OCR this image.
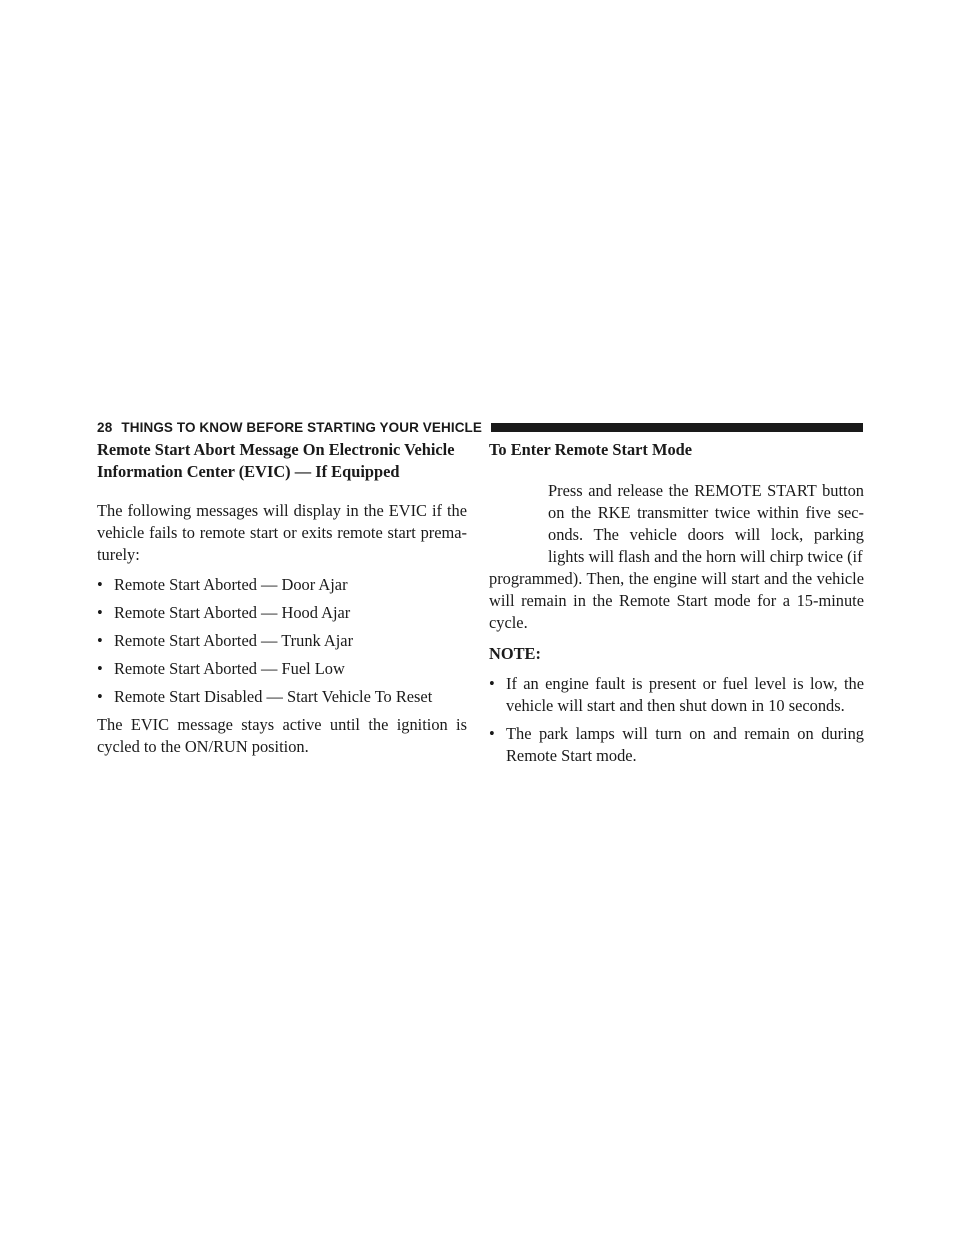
28 THINGS TO KNOW BEFORE STARTING YOUR VEHICLE
Remote Start Abort Message On Electronic Vehicle Information Center (EVIC) — If Equipped

The following messages will display in the EVIC if the vehicle fails to remote start or exits remote start prema-turely:

• Remote Start Aborted — Door Ajar
• Remote Start Aborted — Hood Ajar
• Remote Start Aborted — Trunk Ajar
• Remote Start Aborted — Fuel Low
• Remote Start Disabled — Start Vehicle To Reset

The EVIC message stays active until the ignition is cycled to the ON/RUN position.

To Enter Remote Start Mode

Press and release the REMOTE START button on the RKE transmitter twice within five sec-onds. The vehicle doors will lock, parking lights will flash and the horn will chirp twice (if

programmed). Then, the engine will start and the vehicle will remain in the Remote Start mode for a 15-minute cycle.

NOTE:

• If an engine fault is present or fuel level is low, the vehicle will start and then shut down in 10 seconds.
• The park lamps will turn on and remain on during Remote Start mode.
